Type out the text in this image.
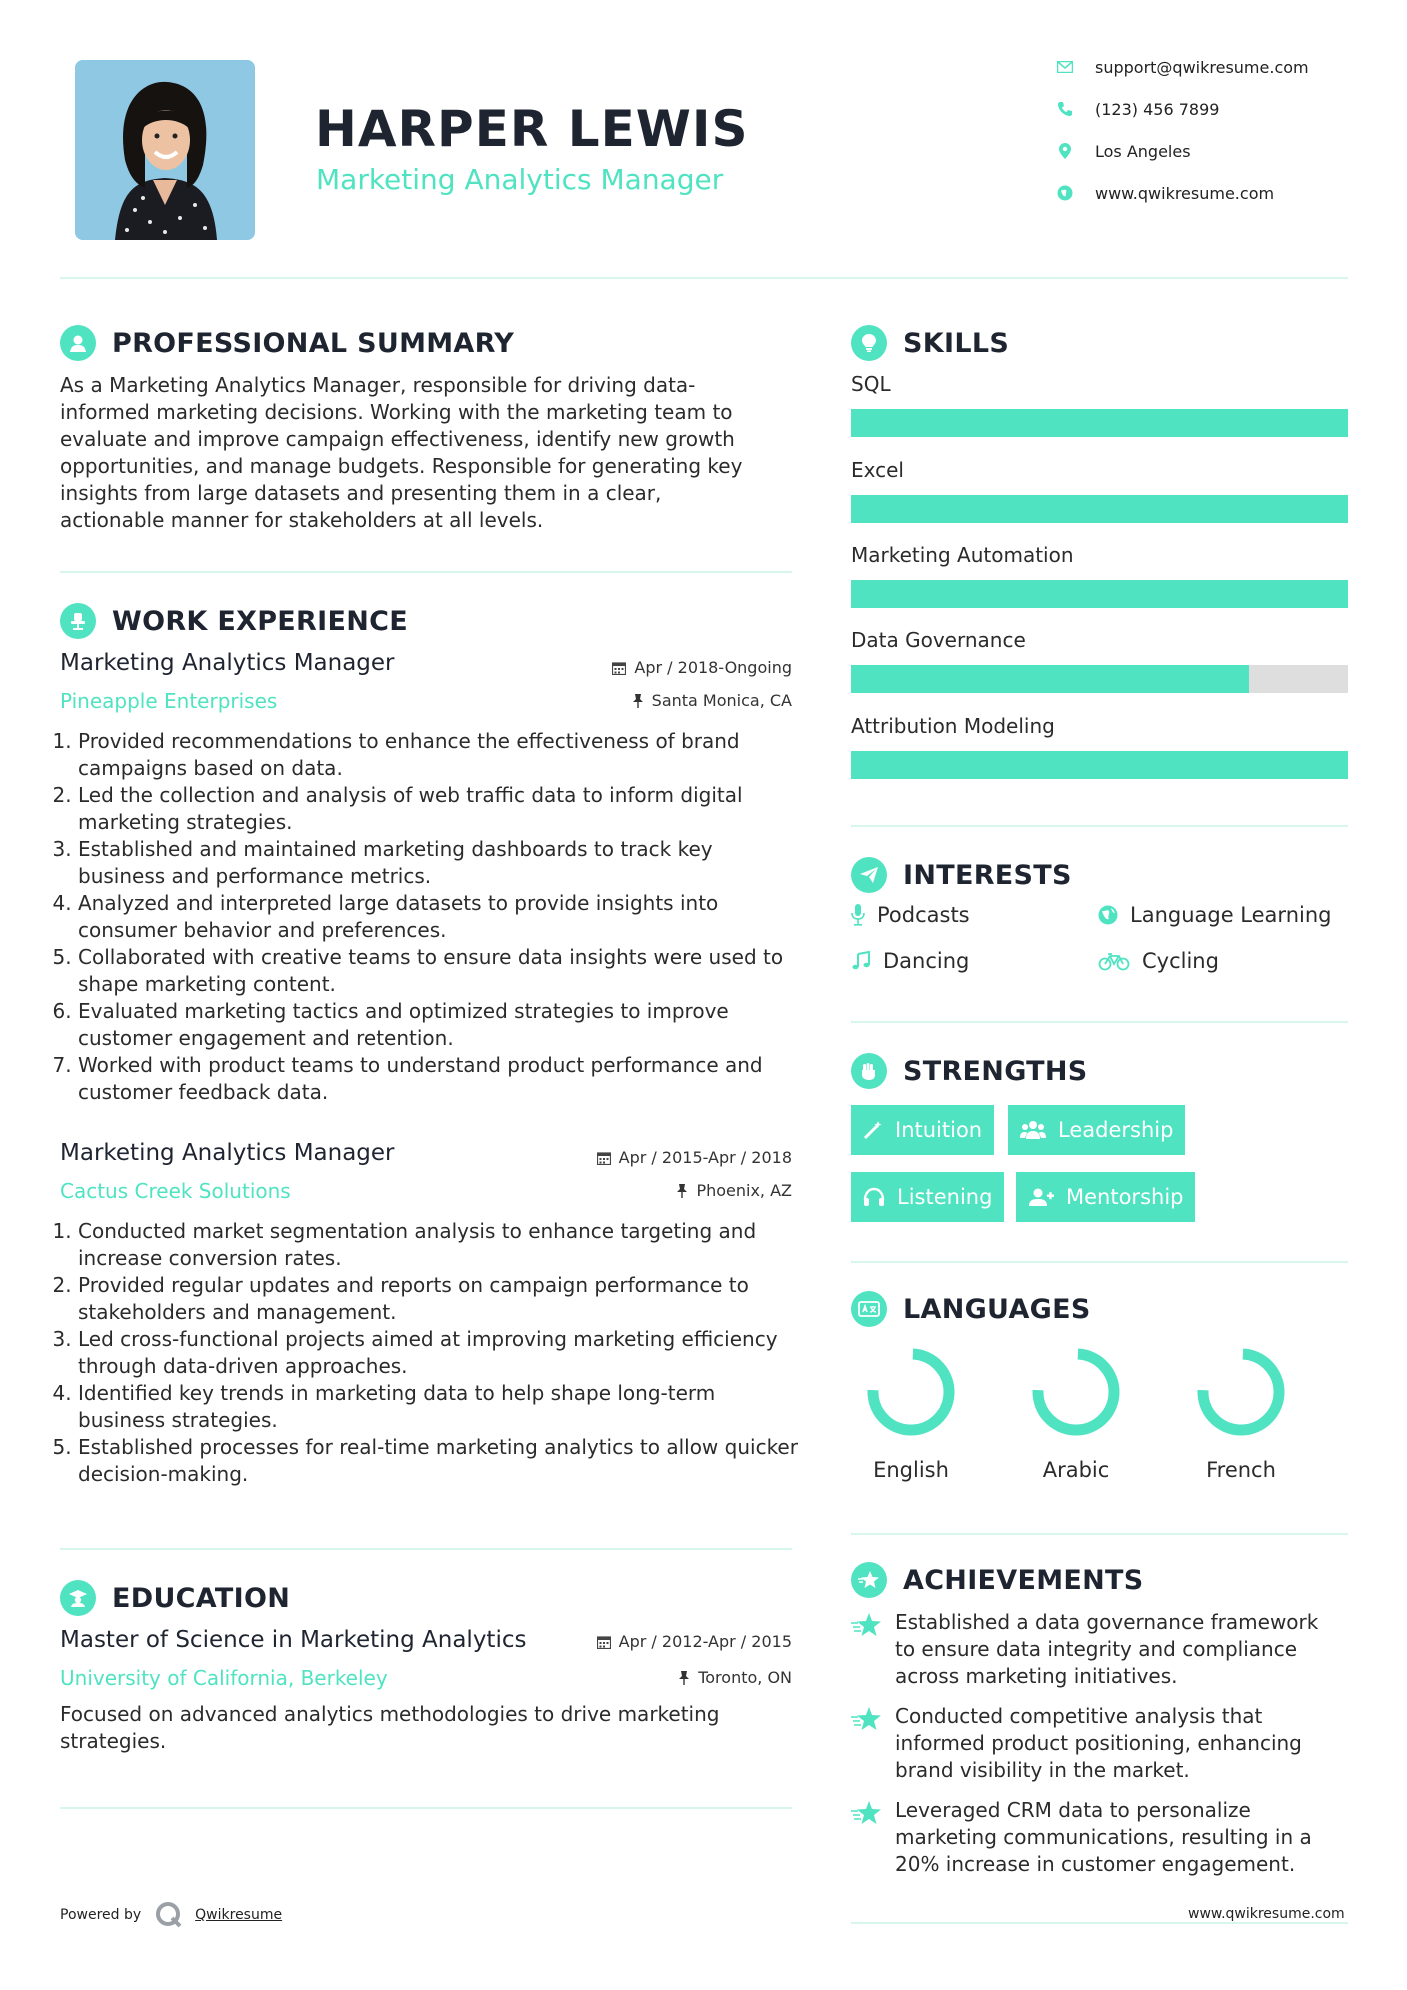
HARPER LEWIS
Marketing Analytics Manager
support@qwikresume.com
(123) 456 7899
Los Angeles
www.qwikresume.com
PROFESSIONAL SUMMARY
As a Marketing Analytics Manager, responsible for driving data-
informed marketing decisions. Working with the marketing team to
evaluate and improve campaign effectiveness, identify new growth
opportunities, and manage budgets. Responsible for generating key
insights from large datasets and presenting them in a clear,
actionable manner for stakeholders at all levels.
WORK EXPERIENCE
Marketing Analytics Manager	Apr / 2018-Ongoing
Pineapple Enterprises	Santa Monica, CA
1. Provided recommendations to enhance the effectiveness of brand campaigns based on data.
2. Led the collection and analysis of web traffic data to inform digital marketing strategies.
3. Established and maintained marketing dashboards to track key business and performance metrics.
4. Analyzed and interpreted large datasets to provide insights into consumer behavior and preferences.
5. Collaborated with creative teams to ensure data insights were used to shape marketing content.
6. Evaluated marketing tactics and optimized strategies to improve customer engagement and retention.
7. Worked with product teams to understand product performance and customer feedback data.
Marketing Analytics Manager	Apr / 2015-Apr / 2018
Cactus Creek Solutions	Phoenix, AZ
1. Conducted market segmentation analysis to enhance targeting and increase conversion rates.
2. Provided regular updates and reports on campaign performance to stakeholders and management.
3. Led cross-functional projects aimed at improving marketing efficiency through data-driven approaches.
4. Identified key trends in marketing data to help shape long-term business strategies.
5. Established processes for real-time marketing analytics to allow quicker decision-making.
EDUCATION
Master of Science in Marketing Analytics	Apr / 2012-Apr / 2015
University of California, Berkeley	Toronto, ON
Focused on advanced analytics methodologies to drive marketing
strategies.
SKILLS
SQL
Excel
Marketing Automation
Data Governance
Attribution Modeling
INTERESTS
Podcasts	Language Learning
Dancing	Cycling
STRENGTHS
Intuition	Leadership
Listening	Mentorship
LANGUAGES
English	Arabic	French
ACHIEVEMENTS
Established a data governance framework
to ensure data integrity and compliance
across marketing initiatives.
Conducted competitive analysis that
informed product positioning, enhancing
brand visibility in the market.
Leveraged CRM data to personalize
marketing communications, resulting in a
20% increase in customer engagement.
Powered by	Qwikresume	www.qwikresume.com
